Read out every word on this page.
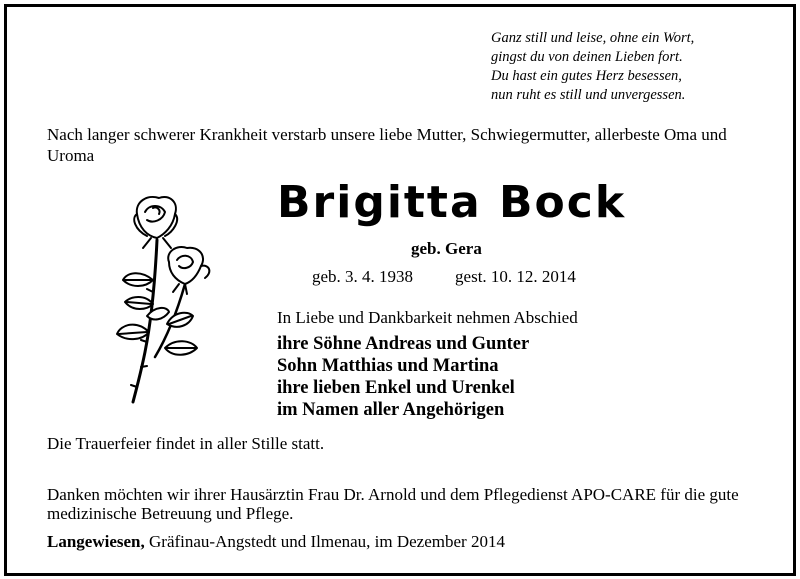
Ganz still und leise, ohne ein Wort,
gingst du von deinen Lieben fort.
Du hast ein gutes Herz besessen,
nun ruht es still und unvergessen.
Nach langer schwerer Krankheit verstarb unsere liebe Mutter, Schwiegermutter, allerbeste Oma und Uroma
Brigitta Bock
geb. Gera
geb. 3. 4. 1938 gest. 10. 12. 2014
In Liebe und Dankbarkeit nehmen Abschied
ihre Söhne Andreas und Gunter
Sohn Matthias und Martina
ihre lieben Enkel und Urenkel
im Namen aller Angehörigen
Die Trauerfeier findet in aller Stille statt.
Danken möchten wir ihrer Hausärztin Frau Dr. Arnold und dem Pflegedienst APO-CARE für die gute medizinische Betreuung und Pflege.
Langewiesen, Gräfinau-Angstedt und Ilmenau, im Dezember 2014
